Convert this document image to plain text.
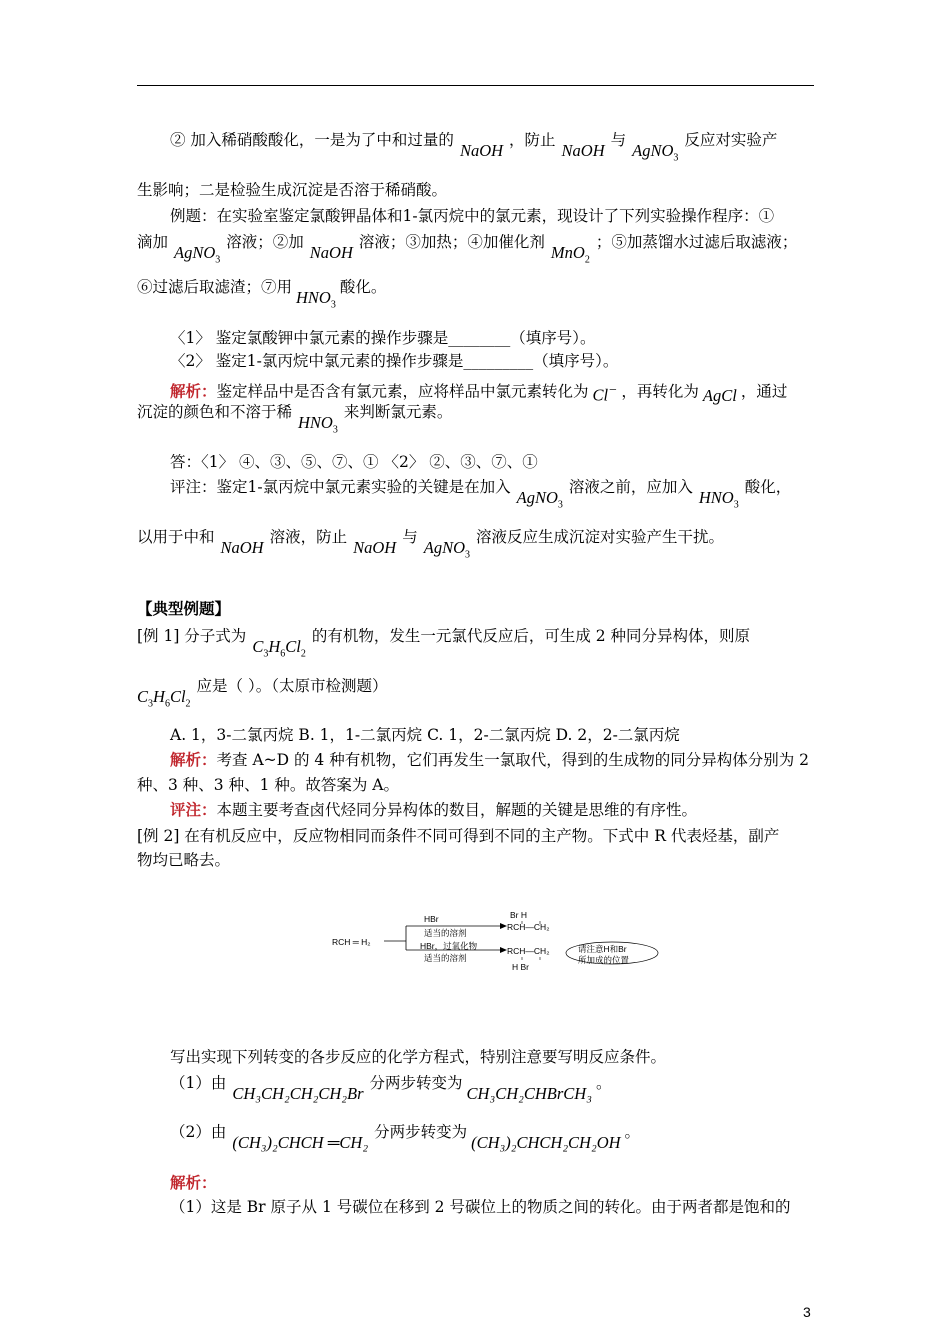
② 加入稀硝酸酸化，一是为了中和过量的NaOH，防止NaOH与AgNO$_3$反应对实验产
生影响；二是检验生成沉淀是否溶于稀硝酸。
例题：在实验室鉴定氯酸钾晶体和1-氯丙烷中的氯元素，现设计了下列实验操作程序：①
滴加AgNO$_3$溶液；②加NaOH溶液；③加热；④加催化剂MnO$_2$；⑤加蒸馏水过滤后取滤液；
⑥过滤后取滤渣；⑦用$HNO_3$酸化。
〈1〉 鉴定氯酸钾中氯元素的操作步骤是________（填序号）。
〈2〉 鉴定1-氯丙烷中氯元素的操作步骤是_________（填序号）。
解析：鉴定样品中是否含有氯元素，应将样品中氯元素转化为 Cl− ，再转化为 AgCl ，通过
沉淀的颜色和不溶于稀$HNO_3$来判断氯元素。
答：〈1〉 ④、③、⑤、⑦、① 〈2〉 ②、③、⑦、①
评注：鉴定1-氯丙烷中氯元素实验的关键是在加入AgNO$_3$溶液之前，应加入$HNO_3$酸化，
以用于中和NaOH溶液，防止NaOH与AgNO$_3$溶液反应生成沉淀对实验产生干扰。
【典型例题】
[例 1] 分子式为$C_3H_6Cl_2$的有机物，发生一元氯代反应后，可生成 2 种同分异构体，则原
$C_3H_6Cl_2$应是（ ）。（太原市检测题）
A. 1，3-二氯丙烷 B. 1，1-二氯丙烷 C. 1，2-二氯丙烷 D. 2，2-二氯丙烷
解析：考查 A~D 的 4 种有机物，它们再发生一氯取代，得到的生成物的同分异构体分别为 2
种、3 种、3 种、1 种。故答案为 A。
评注：本题主要考查卤代烃同分异构体的数目，解题的关键是思维的有序性。
[例 2] 在有机反应中，反应物相同而条件不同可得到不同的主产物。下式中 R 代表烃基，副产
物均已略去。
RCH ═ H₂
HBr
适当的溶剂
HBr，过氧化物
适当的溶剂
Br H
RCH—CH₂
RCH—CH₂
H Br
请注意H和Br
所加成的位置
写出实现下列转变的各步反应的化学方程式，特别注意要写明反应条件。
（1）由CH₃CH₂CH₂CH₂Br分两步转变为CH₃CH₂CHBrCH₃。
（2）由(CH₃)₂CHCH ═CH₂分两步转变为(CH₃)₂CHCH₂CH₂OH。
解析：
（1）这是 Br 原子从 1 号碳位在移到 2 号碳位上的物质之间的转化。由于两者都是饱和的
3
